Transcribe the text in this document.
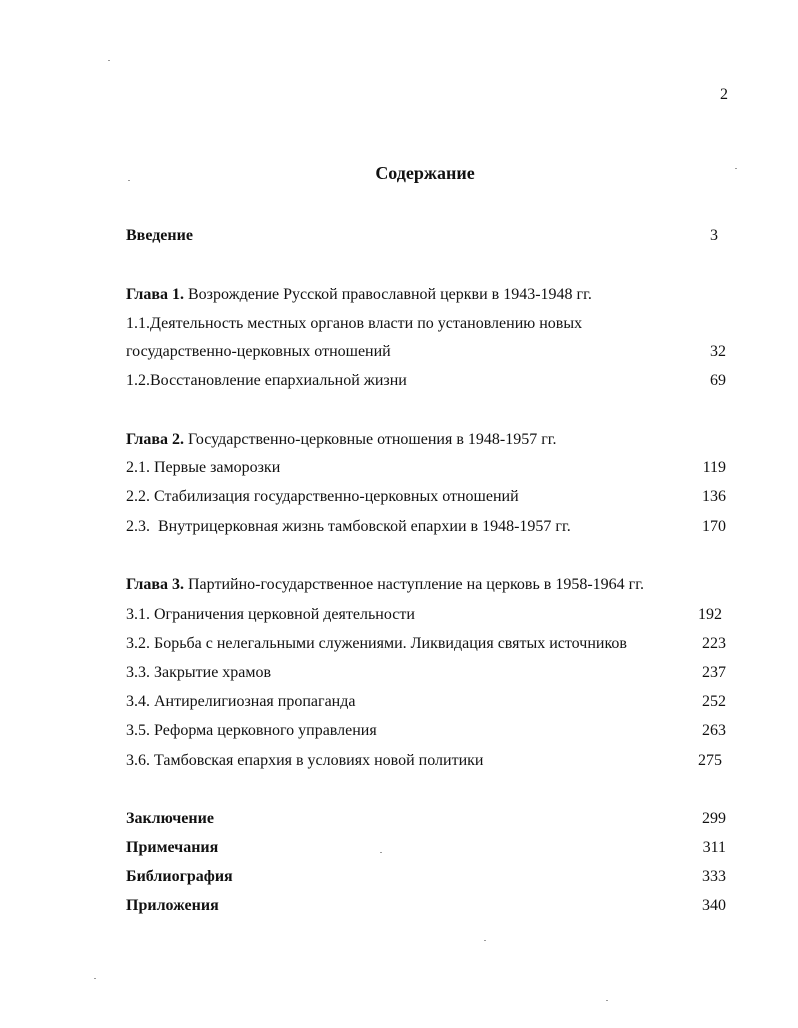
2
Содержание
Введение	3
Глава 1. Возрождение Русской православной церкви в 1943-1948 гг.
1.1.Деятельность местных органов власти по установлению новых
государственно-церковных отношений	32
1.2.Восстановление епархиальной жизни	69
Глава 2. Государственно-церковные отношения в 1948-1957 гг.
2.1. Первые заморозки	119
2.2. Стабилизация государственно-церковных отношений	136
2.3.  Внутрицерковная жизнь тамбовской епархии в 1948-1957 гг.	170
Глава 3. Партийно-государственное наступление на церковь в 1958-1964 гг.
3.1. Ограничения церковной деятельности	192
3.2. Борьба с нелегальными служениями. Ликвидация святых источников	223
3.3. Закрытие храмов	237
3.4. Антирелигиозная пропаганда	252
3.5. Реформа церковного управления	263
3.6. Тамбовская епархия в условиях новой политики	275
Заключение	299
Примечания	311
Библиография	333
Приложения	340
